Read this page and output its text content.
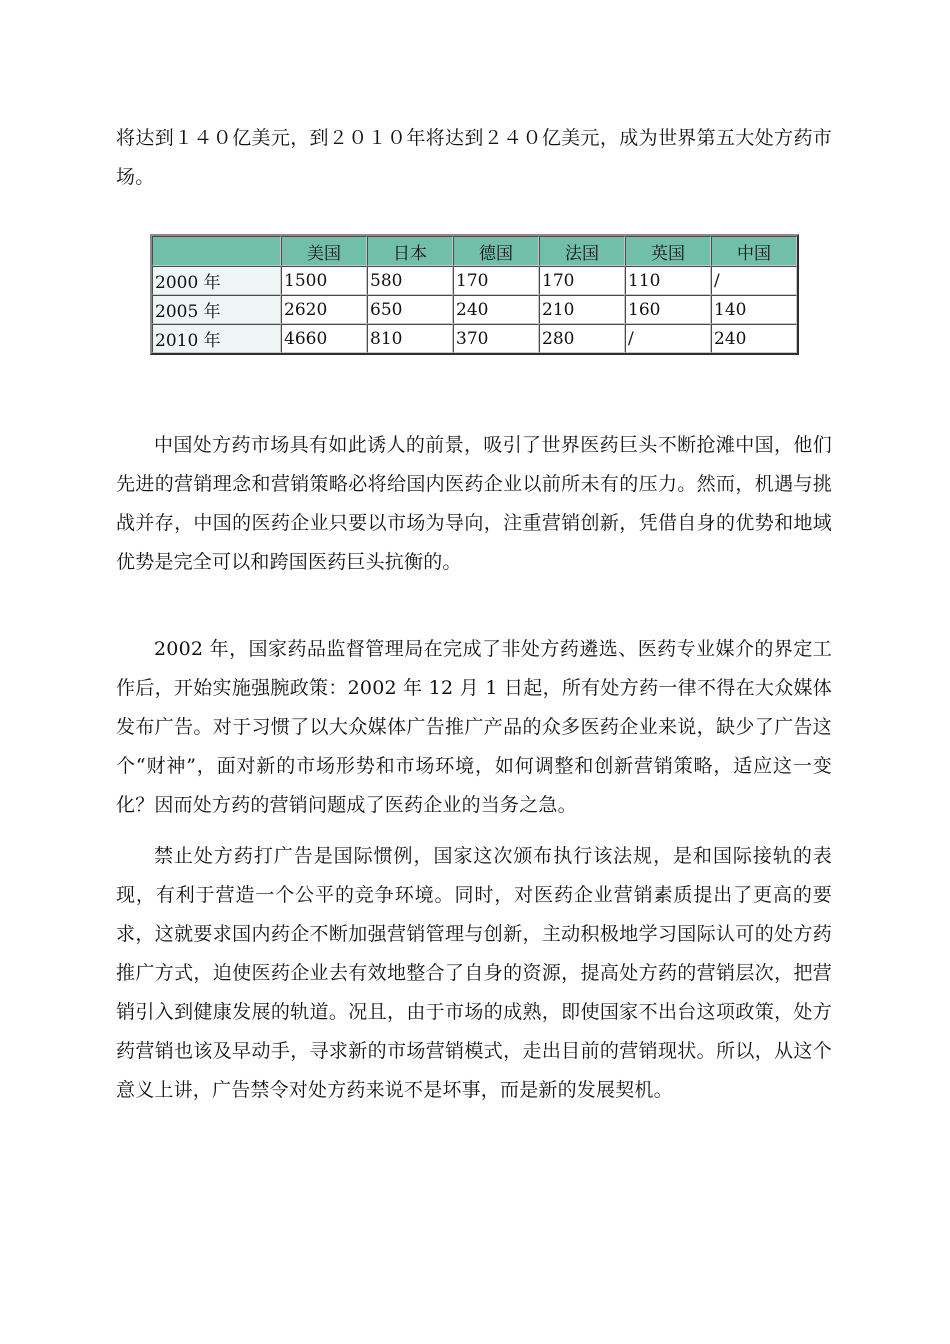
将达到１４０亿美元，到２０１０年将达到２４０亿美元，成为世界第五大处方药市场。

	美国	日本	德国	法国	英国	中国
2000 年	1500	580	170	170	110	/
2005 年	2620	650	240	210	160	140
2010 年	4660	810	370	280	/	240

中国处方药市场具有如此诱人的前景，吸引了世界医药巨头不断抢滩中国，他们先进的营销理念和营销策略必将给国内医药企业以前所未有的压力。然而，机遇与挑战并存，中国的医药企业只要以市场为导向，注重营销创新，凭借自身的优势和地域优势是完全可以和跨国医药巨头抗衡的。

2002 年，国家药品监督管理局在完成了非处方药遴选、医药专业媒介的界定工作后，开始实施强腕政策：2002 年 12 月 1 日起，所有处方药一律不得在大众媒体发布广告。对于习惯了以大众媒体广告推广产品的众多医药企业来说，缺少了广告这个“财神”，面对新的市场形势和市场环境，如何调整和创新营销策略，适应这一变化？因而处方药的营销问题成了医药企业的当务之急。

禁止处方药打广告是国际惯例，国家这次颁布执行该法规，是和国际接轨的表现，有利于营造一个公平的竞争环境。同时，对医药企业营销素质提出了更高的要求，这就要求国内药企不断加强营销管理与创新，主动积极地学习国际认可的处方药推广方式，迫使医药企业去有效地整合了自身的资源，提高处方药的营销层次，把营销引入到健康发展的轨道。况且，由于市场的成熟，即使国家不出台这项政策，处方药营销也该及早动手，寻求新的市场营销模式，走出目前的营销现状。所以，从这个意义上讲，广告禁令对处方药来说不是坏事，而是新的发展契机。
